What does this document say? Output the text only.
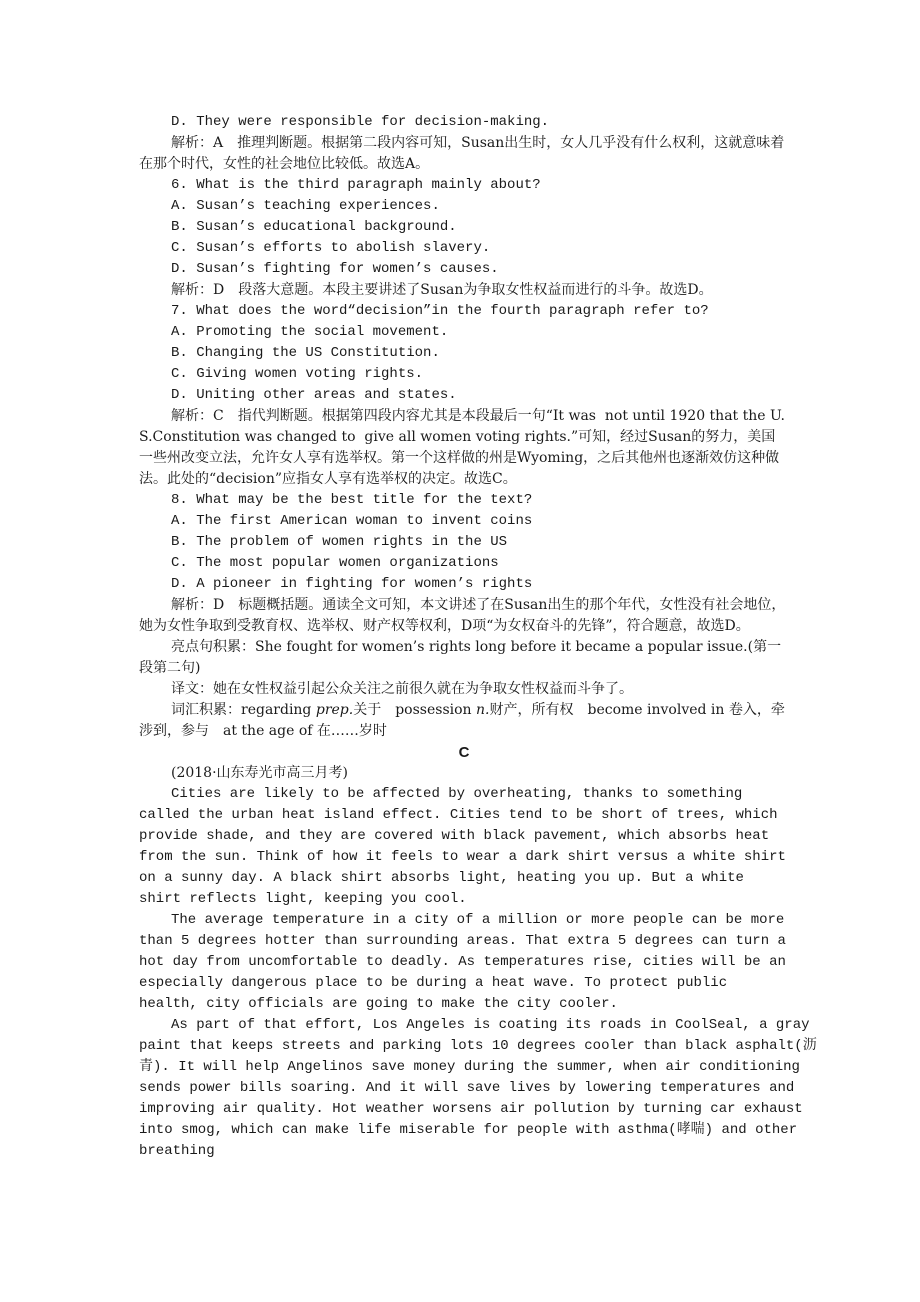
D. They were responsible for decision-making.

解析：A　推理判断题。根据第二段内容可知，Susan出生时，女人几乎没有什么权利，这就意味着在那个时代，女性的社会地位比较低。故选A。

6. What is the third paragraph mainly about?

A. Susan’s teaching experiences.

B. Susan’s educational background.

C. Susan’s efforts to abolish slavery.

D. Susan’s fighting for women’s causes.

解析：D　段落大意题。本段主要讲述了Susan为争取女性权益而进行的斗争。故选D。

7. What does the word“decision”in the fourth paragraph refer to?

A. Promoting the social movement.

B. Changing the US Constitution.

C. Giving women voting rights.

D. Uniting other areas and states.

解析：C　指代判断题。根据第四段内容尤其是本段最后一句“It was  not until 1920 that the U. S.Constitution was changed to  give all women voting rights.”可知，经过Susan的努力，美国一些州改变立法，允许女人享有选举权。第一个这样做的州是Wyoming，之后其他州也逐渐效仿这种做法。此处的“decision”应指女人享有选举权的决定。故选C。

8. What may be the best title for the text?

A. The first American woman to invent coins

B. The problem of women rights in the US

C. The most popular women organizations

D. A pioneer in fighting for women’s rights

解析：D　标题概括题。通读全文可知，本文讲述了在Susan出生的那个年代，女性没有社会地位，她为女性争取到受教育权、选举权、财产权等权利，D项“为女权奋斗的先锋”，符合题意，故选D。

亮点句积累：She fought for women’s rights long before it became a popular issue.(第一段第二句)

译文：她在女性权益引起公众关注之前很久就在为争取女性权益而斗争了。

词汇积累：regarding prep.关于　possession n.财产，所有权　become involved in 卷入，牵涉到，参与　at the age of 在……岁时

C

(2018·山东寿光市高三月考)

Cities are likely to be affected by overheating, thanks to something called the urban heat island effect. Cities tend to be short of trees, which provide shade, and they are covered with black pavement, which absorbs heat from the sun. Think of how it feels to wear a dark shirt versus a white shirt on a sunny day. A black shirt absorbs light, heating you up. But a white shirt reflects light, keeping you cool.

The average temperature in a city of a million or more people can be more than 5 degrees hotter than surrounding areas. That extra 5 degrees can turn a hot day from uncomfortable to deadly. As temperatures rise, cities will be an especially dangerous place to be during a heat wave. To protect public health, city officials are going to make the city cooler.

As part of that effort, Los Angeles is coating its roads in CoolSeal, a gray paint that keeps streets and parking lots 10 degrees cooler than black asphalt(沥青). It will help Angelinos save money during the summer, when air conditioning sends power bills soaring. And it will save lives by lowering temperatures and improving air quality. Hot weather worsens air pollution by turning car exhaust into smog, which can make life miserable for people with asthma(哮喘) and other breathing
